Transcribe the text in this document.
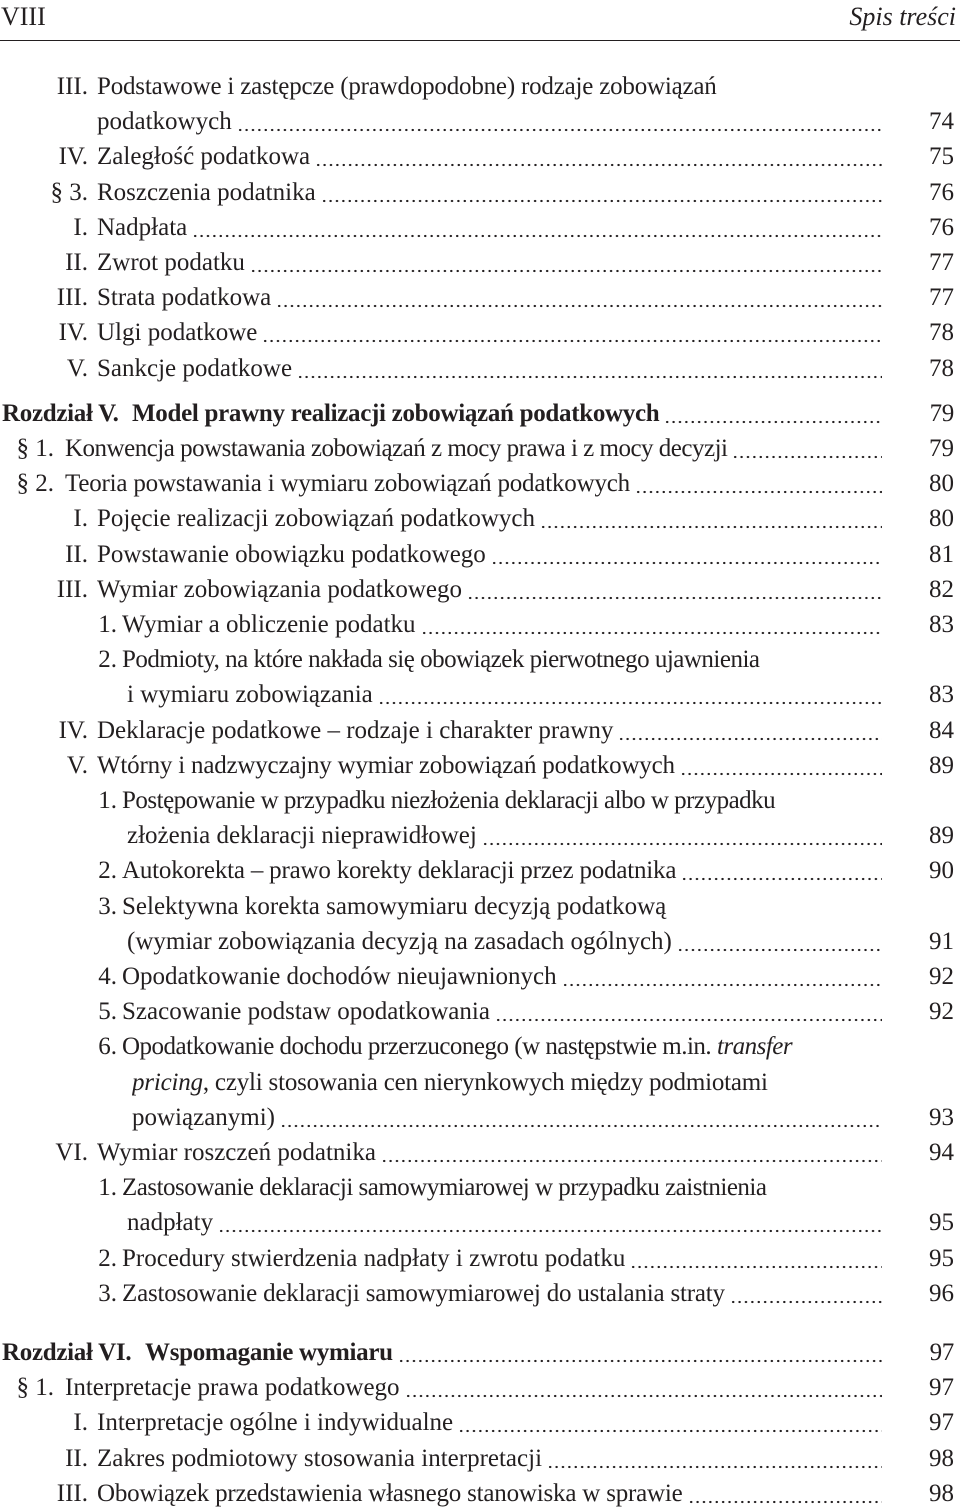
VIII	Spis treści
III. Podstawowe i zastępcze (prawdopodobne) rodzaje zobowiązań
podatkowych	74
IV. Zaległość podatkowa	75
§ 3. Roszczenia podatnika	76
I. Nadpłata	76
II. Zwrot podatku	77
III. Strata podatkowa	77
IV. Ulgi podatkowe	78
V. Sankcje podatkowe	78
Rozdział V. Model prawny realizacji zobowiązań podatkowych	79
§ 1. Konwencja powstawania zobowiązań z mocy prawa i z mocy decyzji	79
§ 2. Teoria powstawania i wymiaru zobowiązań podatkowych	80
I. Pojęcie realizacji zobowiązań podatkowych	80
II. Powstawanie obowiązku podatkowego	81
III. Wymiar zobowiązania podatkowego	82
1. Wymiar a obliczenie podatku	83
2. Podmioty, na które nakłada się obowiązek pierwotnego ujawnienia
i wymiaru zobowiązania	83
IV. Deklaracje podatkowe – rodzaje i charakter prawny	84
V. Wtórny i nadzwyczajny wymiar zobowiązań podatkowych	89
1. Postępowanie w przypadku niezłożenia deklaracji albo w przypadku
złożenia deklaracji nieprawidłowej	89
2. Autokorekta – prawo korekty deklaracji przez podatnika	90
3. Selektywna korekta samowymiaru decyzją podatkową
(wymiar zobowiązania decyzją na zasadach ogólnych)	91
4. Opodatkowanie dochodów nieujawnionych	92
5. Szacowanie podstaw opodatkowania	92
6. Opodatkowanie dochodu przerzuconego (w następstwie m.in. transfer
pricing, czyli stosowania cen nierynkowych między podmiotami
powiązanymi)	93
VI. Wymiar roszczeń podatnika	94
1. Zastosowanie deklaracji samowymiarowej w przypadku zaistnienia
nadpłaty	95
2. Procedury stwierdzenia nadpłaty i zwrotu podatku	95
3. Zastosowanie deklaracji samowymiarowej do ustalania straty	96
Rozdział VI. Wspomaganie wymiaru	97
§ 1. Interpretacje prawa podatkowego	97
I. Interpretacje ogólne i indywidualne	97
II. Zakres podmiotowy stosowania interpretacji	98
III. Obowiązek przedstawienia własnego stanowiska w sprawie	98
